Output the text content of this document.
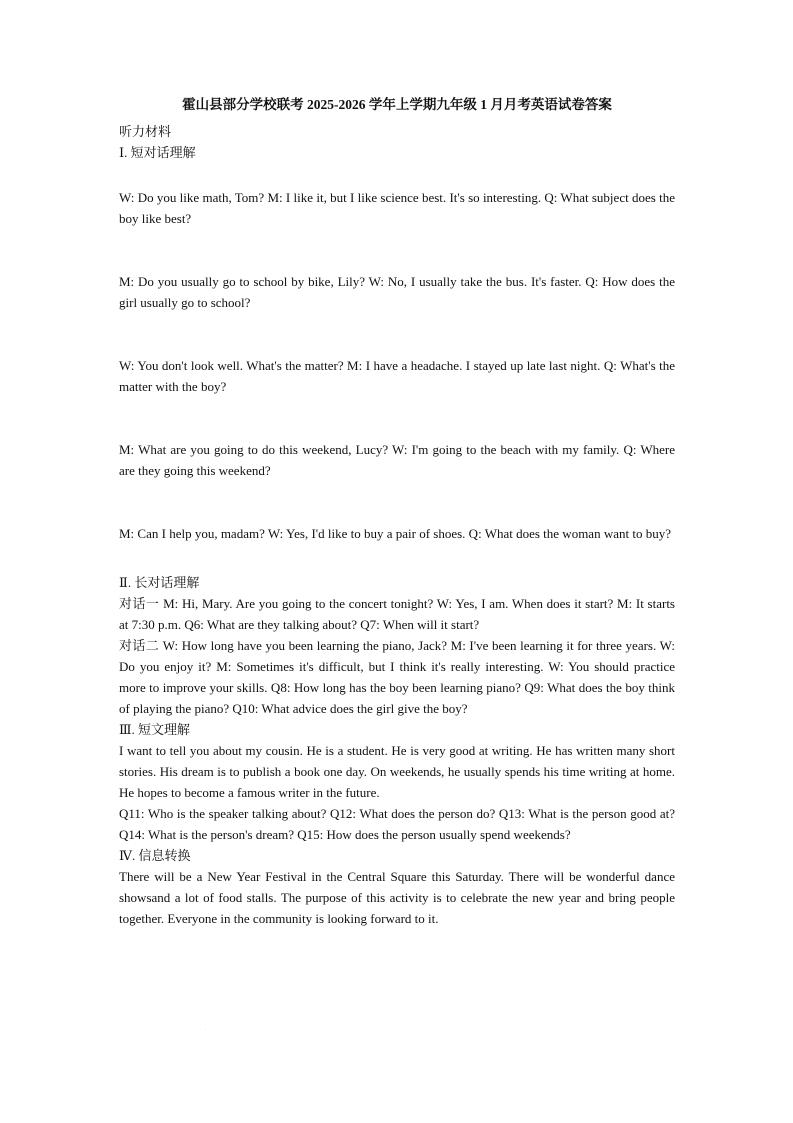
霍山县部分学校联考 2025-2026 学年上学期九年级 1 月月考英语试卷答案
听力材料
Ⅰ. 短对话理解

W: Do you like math, Tom? M: I like it, but I like science best. It's so interesting. Q: What subject does the boy like best?

M: Do you usually go to school by bike, Lily? W: No, I usually take the bus. It's faster. Q: How does the girl usually go to school?

W: You don't look well. What's the matter? M: I have a headache. I stayed up late last night. Q: What's the matter with the boy?

M: What are you going to do this weekend, Lucy? W: I'm going to the beach with my family. Q: Where are they going this weekend?

M: Can I help you, madam? W: Yes, I'd like to buy a pair of shoes. Q: What does the woman want to buy?

Ⅱ. 长对话理解

对话一 M: Hi, Mary. Are you going to the concert tonight? W: Yes, I am. When does it start? M: It starts at 7:30 p.m. Q6: What are they talking about? Q7: When will it start?

对话二 W: How long have you been learning the piano, Jack? M: I've been learning it for three years. W: Do you enjoy it? M: Sometimes it's difficult, but I think it's really interesting. W: You should practice more to improve your skills. Q8: How long has the boy been learning piano? Q9: What does the boy think of playing the piano? Q10: What advice does the girl give the boy?

Ⅲ. 短文理解

I want to tell you about my cousin. He is a student. He is very good at writing. He has written many short stories. His dream is to publish a book one day. On weekends, he usually spends his time writing at home. He hopes to become a famous writer in the future.

Q11: Who is the speaker talking about? Q12: What does the person do? Q13: What is the person good at? Q14: What is the person's dream? Q15: How does the person usually spend weekends?

Ⅳ. 信息转换

There will be a New Year Festival in the Central Square this Saturday. There will be wonderful dance showsand a lot of food stalls. The purpose of this activity is to celebrate the new year and bring people together. Everyone in the community is looking forward to it.

.
